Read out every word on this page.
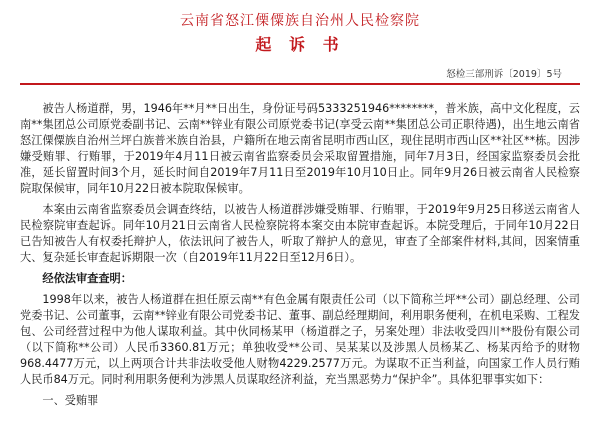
云南省怒江傈僳族自治州人民检察院
起 诉 书
怒检三部刑诉〔2019〕5号

被告人杨道群，男，1946年**月**日出生，身份证号码5333251946********，普米族，高中文化程度，云南**集团总公司原党委副书记、云南**锌业有限公司原党委书记(享受云南**集团总公司正职待遇)，出生地云南省怒江傈僳族自治州兰坪白族普米族自治县，户籍所在地云南省昆明市西山区，现住昆明市西山区**社区**栋。因涉嫌受贿罪、行贿罪，于2019年4月11日被云南省监察委员会采取留置措施，同年7月3日，经国家监察委员会批准，延长留置时间3个月，延长时间自2019年7月11日至2019年10月10日止。同年9月26日被云南省人民检察院取保候审，同年10月22日被本院取保候审。

本案由云南省监察委员会调查终结，以被告人杨道群涉嫌受贿罪、行贿罪，于2019年9月25日移送云南省人民检察院审查起诉。同年10月21日云南省人民检察院将本案交由本院审查起诉。本院受理后，于同年10月22日已告知被告人有权委托辩护人，依法讯问了被告人，听取了辩护人的意见，审查了全部案件材料,其间，因案情重大、复杂延长审查起诉期限一次（自2019年11月22日至12月6日）。

经依法审查查明：

1998年以来，被告人杨道群在担任原云南**有色金属有限责任公司（以下简称兰坪**公司）副总经理、公司党委书记、公司董事，云南**锌业有限公司党委书记、董事、副总经理期间，利用职务便利，在机电采购、工程发包、公司经营过程中为他人谋取利益。其中伙同杨某甲（杨道群之子，另案处理）非法收受四川**股份有限公司（以下简称**公司）人民币3360.81万元；单独收受**公司、吴某某以及涉黑人员杨某乙、杨某丙给予的财物968.4477万元，以上两项合计共非法收受他人财物4229.2577万元。为谋取不正当利益，向国家工作人员行贿人民币84万元。同时利用职务便利为涉黑人员谋取经济利益，充当黑恶势力“保护伞”。具体犯罪事实如下：

一、受贿罪
